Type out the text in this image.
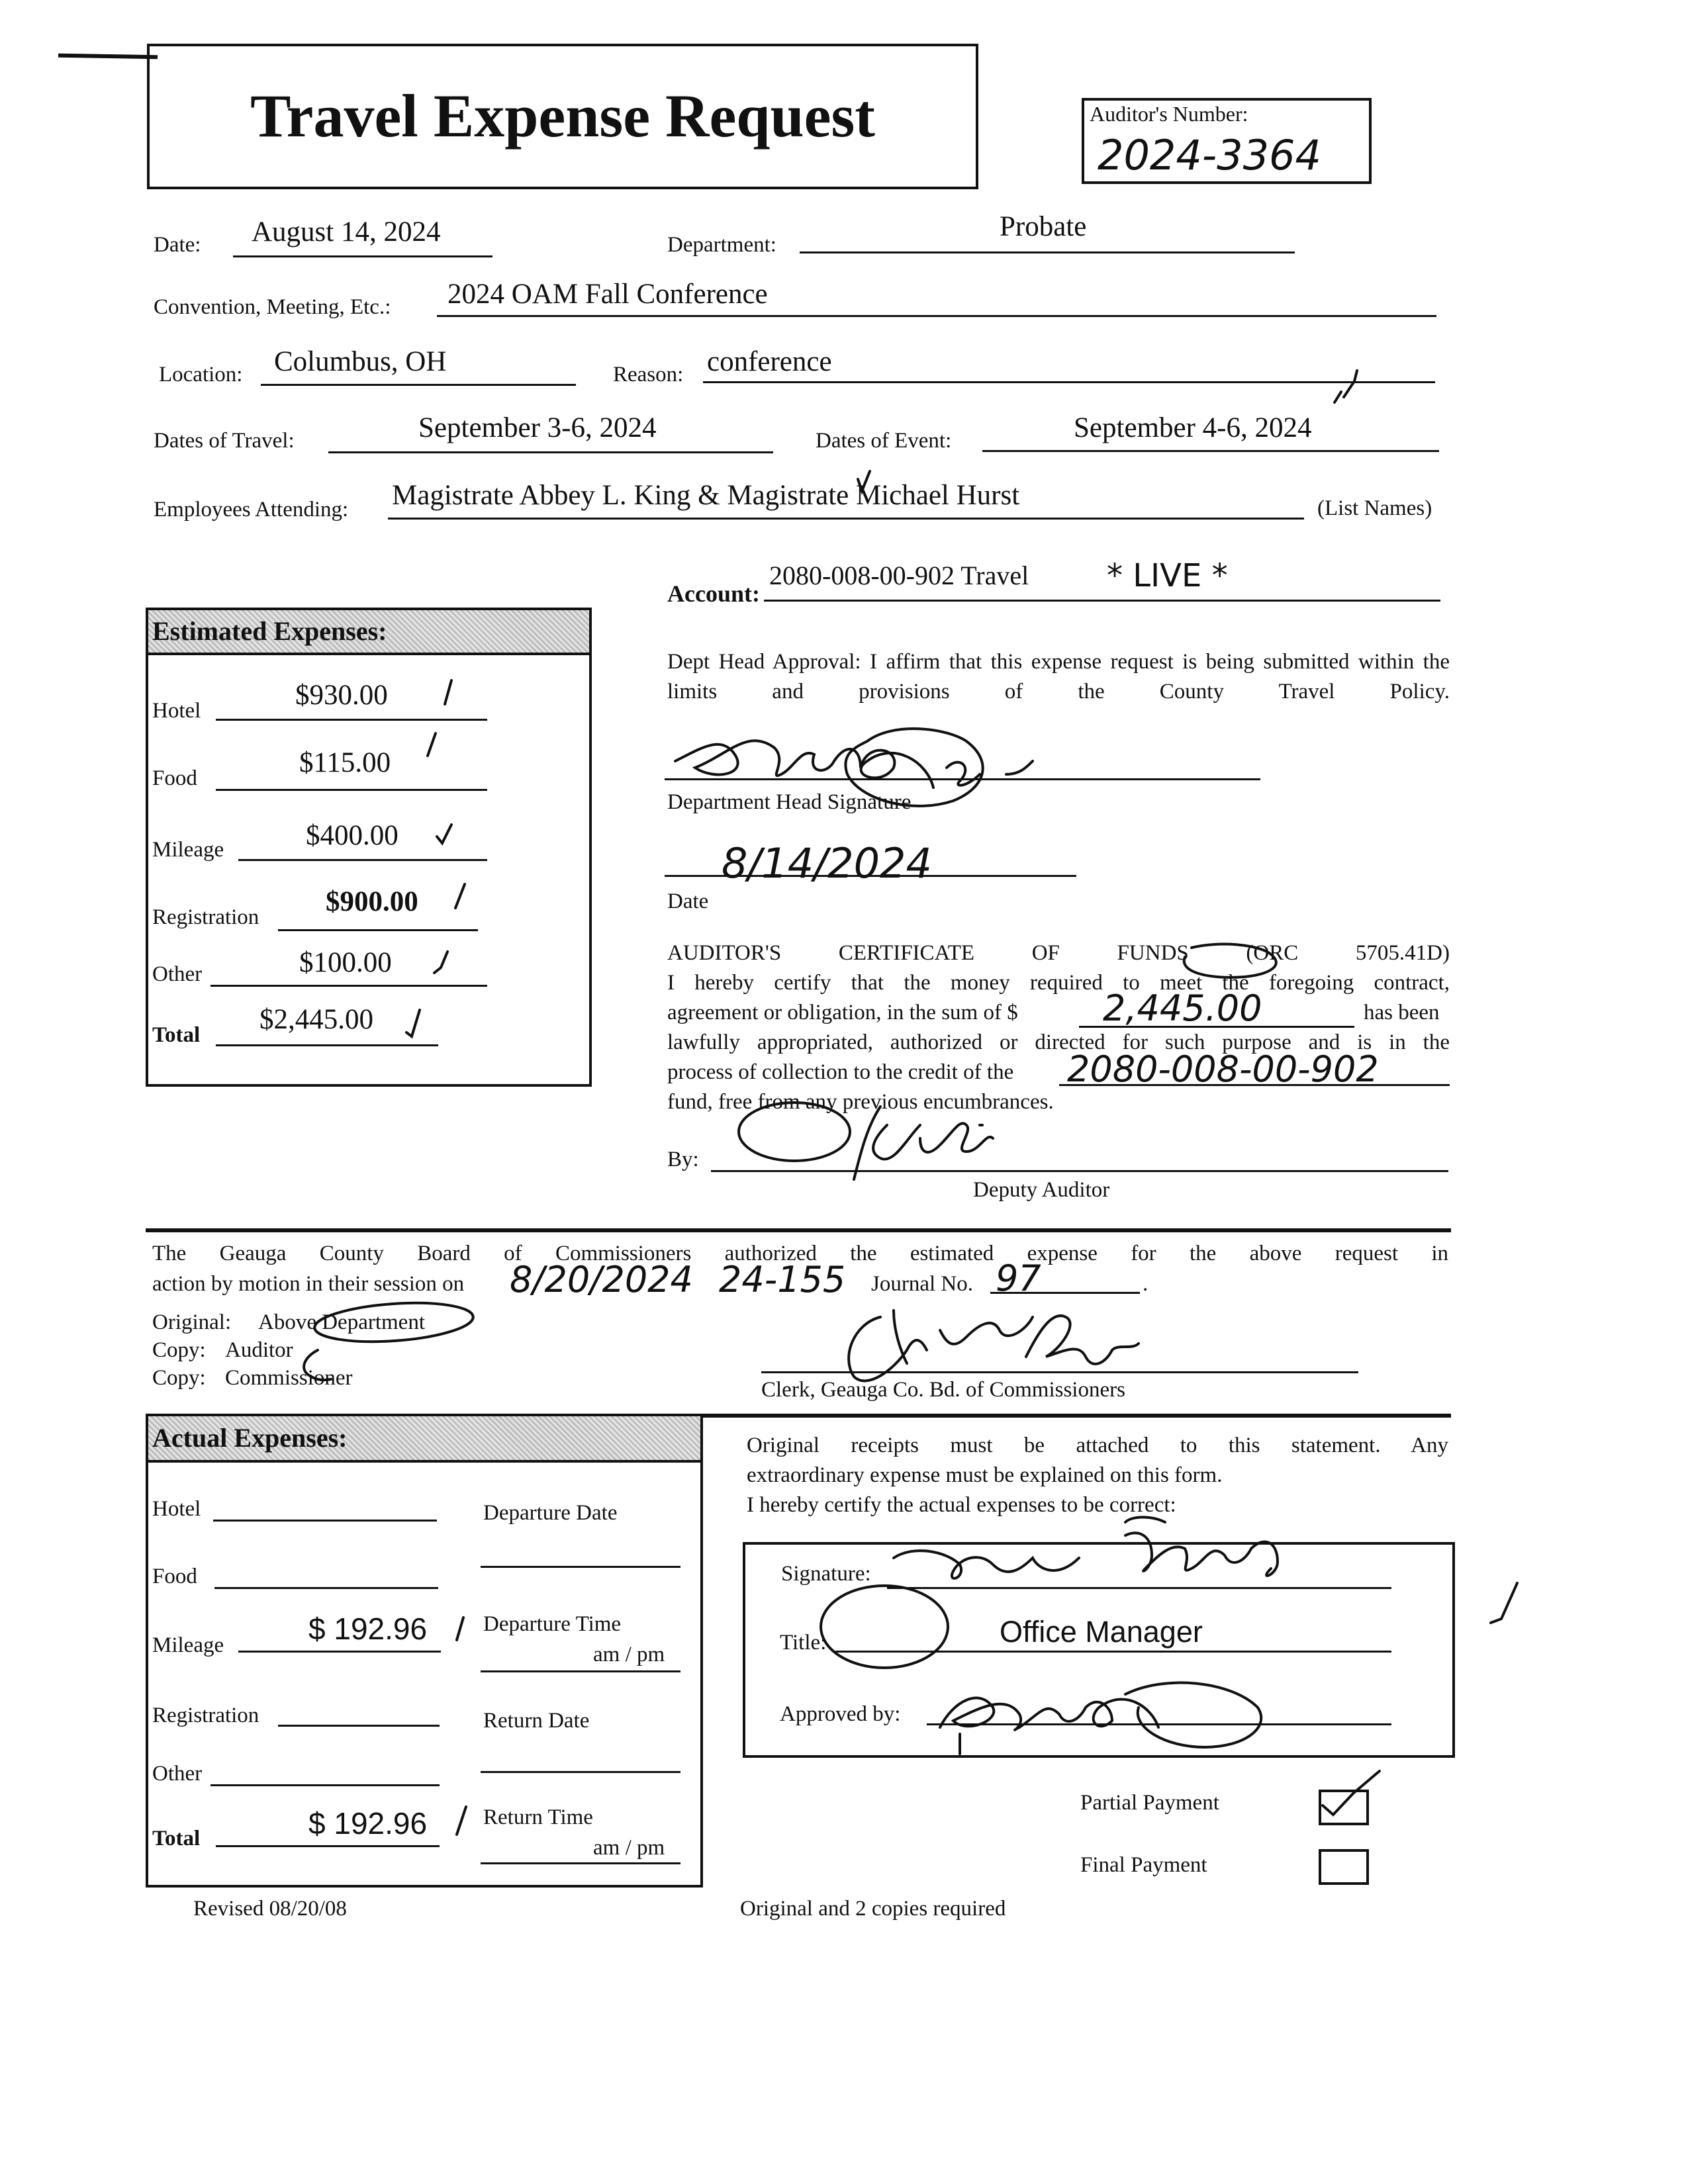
Travel Expense Request	Auditor's Number:
2024-3364
Date: August 14, 2024	Department:
Probate
Convention, Meeting, Etc.: 2024 OAM Fall Conference
Location: Columbus, OH	Reason: conference
Dates of Travel:	September 3-6, 2024	Dates of Event:	September 4-6, 2024
Employees Attending: Magistrate Abbey L. King & Magistrate Michael Hurst	(List Names)
Account:
2080-008-00-902 Travel * LIVE *
Estimated Expenses:
Hotel	$930.00
Food	$115.00
Mileage	$400.00
Registration $900.00
Other	$100.00
Total $2,445.00
Dept Head Approval: I affirm that this expense request is being submitted within the limits and provisions of the County Travel Policy.
Department Head Signature
8/14/2024
Date
AUDITOR'S CERTIFICATE OF FUNDS (ORC 5705.41D)
I hereby certify that the money required to meet the foregoing contract,
agreement or obligation, in the sum of $ 2,445.00	has been
lawfully appropriated, authorized or directed for such purpose and is in the
process of collection to the credit of the 2080-008-00-902
fund, free from any previous encumbrances.
By:
Deputy Auditor
The Geauga County Board of Commissioners authorized the estimated expense for the above request in
action by motion in their session on 8/20/2024 24-155 Journal No. 97	.
Original: Above Department
Copy: Auditor
Copy: Commissioner	Clerk, Geauga Co. Bd. of Commissioners
Actual Expenses:
Hotel	Departure Date
Food
Mileage	$ 192.96	Departure Time
am / pm
Registration	Return Date
Other
Total	$ 192.96	Return Time
am / pm
Original receipts must be attached to this statement. Any
extraordinary expense must be explained on this form.
I hereby certify the actual expenses to be correct:
Signature:
Title:	Office Manager
Approved by:
Partial Payment
Final Payment
Revised 08/20/08	Original and 2 copies required
